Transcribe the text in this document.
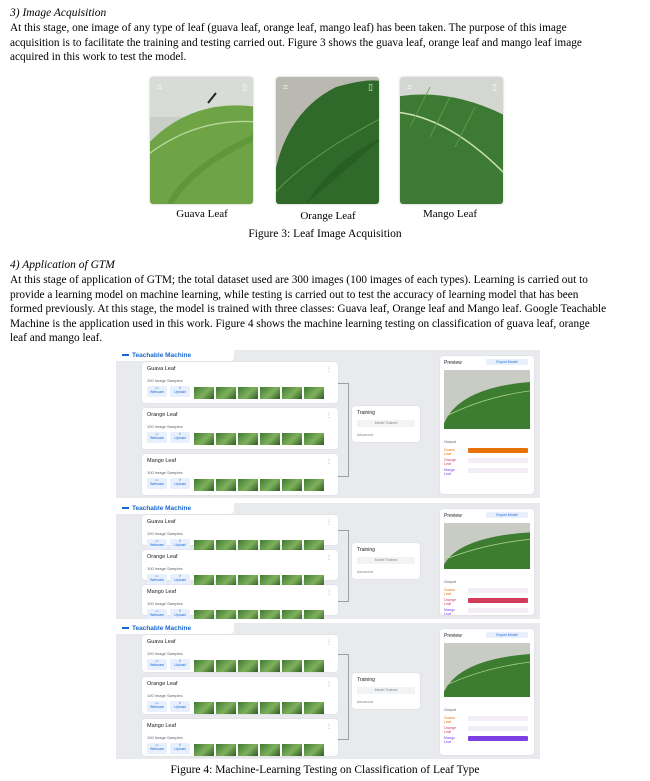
3) Image Acquisition
At this stage, one image of any type of leaf (guava leaf, orange leaf, mango leaf) has been taken. The purpose of this image
acquisition is to facilitate the training and testing carried out. Figure 3 shows the guava leaf, orange leaf and mango leaf image
acquired in this work to test the model.
⌗	▯	⌗	▯	⌗	▯
Guava Leaf	Orange Leaf	Mango Leaf
Figure 3: Leaf Image Acquisition
4) Application of GTM
At this stage of application of GTM; the total dataset used are 300 images (100 images of each types). Learning is carried out to
provide a learning model on machine learning, while testing is carried out to test the accuracy of learning model that has been
formed previously. At this stage, the model is trained with three classes: Guava leaf, Orange leaf and Mango leaf. Google Teachable
Machine is the application used in this work. Figure 4 shows the machine learning testing on classification of guava leaf, orange
leaf and mango leaf.
Teachable Machine
Guava Leaf	⋮
100 Image Samples
▭
Webcam
⇪
Upload
Orange Leaf	⋮
100 Image Samples
▭
Webcam
⇪
Upload
Mango Leaf	⋮
100 Image Samples
▭
Webcam
⇪
Upload
Training
Model Trained
Advanced
Preview	Export Model
Output
Guava Leaf
Orange Leaf
Mango Leaf
Teachable Machine
Guava Leaf	⋮
100 Image Samples
▭
Webcam
⇪
Upload
Orange Leaf	⋮
100 Image Samples
▭
Webcam
⇪
Upload
Mango Leaf	⋮
100 Image Samples
▭
Webcam
⇪
Upload
Training
Model Trained
Advanced
Preview	Export Model
Output
Guava Leaf
Orange Leaf
Mango Leaf
Teachable Machine
Guava Leaf	⋮
100 Image Samples
▭
Webcam
⇪
Upload
Orange Leaf	⋮
100 Image Samples
▭
Webcam
⇪
Upload
Mango Leaf	⋮
100 Image Samples
▭
Webcam
⇪
Upload
Training
Model Trained
Advanced
Preview	Export Model
Output
Guava Leaf
Orange Leaf
Mango Leaf
Figure 4: Machine-Learning Testing on Classification of Leaf Type
